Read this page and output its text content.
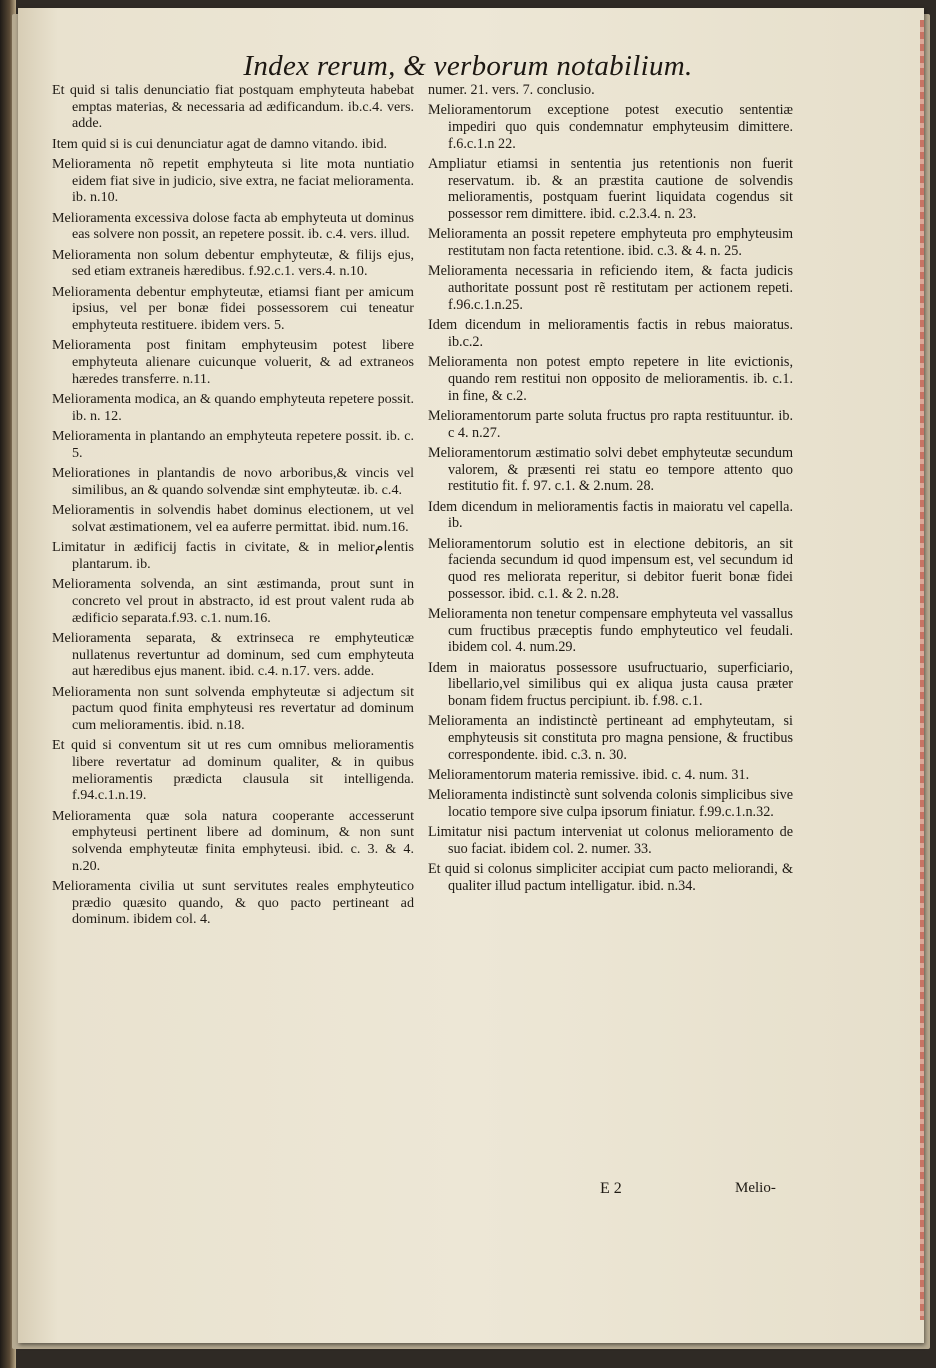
Index rerum, & verborum notabilium.

Et quid si talis denunciatio fiat postquam emphyteuta habebat emptas materias, & necessaria ad ædificandum. ib.c.4. vers. adde.

Item quid si is cui denunciatur agat de damno vitando. ibid.

Melioramenta nõ repetit emphyteuta si lite mota nuntiatio eidem fiat sive in judicio, sive extra, ne faciat melioramenta. ib. n.10.

Melioramenta excessiva dolose facta ab emphyteuta ut dominus eas solvere non possit, an repetere possit. ib. c.4. vers. illud.

Melioramenta non solum debentur emphyteutæ, & filijs ejus, sed etiam extraneis hæredibus. f.92.c.1. vers.4. n.10.

Melioramenta debentur emphyteutæ, etiamsi fiant per amicum ipsius, vel per bonæ fidei possessorem cui teneatur emphyteuta restituere. ibidem vers. 5.

Melioramenta post finitam emphyteusim potest libere emphyteuta alienare cuicunque voluerit, & ad extraneos hæredes transferre. n.11.

Melioramenta modica, an & quando emphyteuta repetere possit. ib. n. 12.

Melioramenta in plantando an emphyteuta repetere possit. ib. c. 5.

Meliorationes in plantandis de novo arboribus,& vincis vel similibus, an & quando solvendæ sint emphyteutæ. ib. c.4.

Melioramentis in solvendis habet dominus electionem, ut vel solvat æstimationem, vel ea auferre permittat. ibid. num.16.

Limitatur in ædificij factis in civitate, & in meliorامentis plantarum. ib.

Melioramenta solvenda, an sint æstimanda, prout sunt in concreto vel prout in abstracto, id est prout valent ruda ab ædificio separata.f.93. c.1. num.16.

Melioramenta separata, & extrinseca re emphyteuticæ nullatenus revertuntur ad dominum, sed cum emphyteuta aut hæredibus ejus manent. ibid. c.4. n.17. vers. adde.

Melioramenta non sunt solvenda emphyteutæ si adjectum sit pactum quod finita emphyteusi res revertatur ad dominum cum melioramentis. ibid. n.18.

Et quid si conventum sit ut res cum omnibus melioramentis libere revertatur ad dominum qualiter, & in quibus melioramentis prædicta clausula sit intelligenda. f.94.c.1.n.19.

Melioramenta quæ sola natura cooperante accesserunt emphyteusi pertinent libere ad dominum, & non sunt solvenda emphyteutæ finita emphyteusi. ibid. c. 3. & 4. n.20.

Melioramenta civilia ut sunt servitutes reales emphyteutico prædio quæsito quando, & quo pacto pertineant ad dominum. ibidem col. 4.

numer. 21. vers. 7. conclusio.

Melioramentorum exceptione potest executio sententiæ impediri quo quis condemnatur emphyteusim dimittere. f.6.c.1.n 22.

Ampliatur etiamsi in sententia jus retentionis non fuerit reservatum. ib. & an præstita cautione de solvendis melioramentis, postquam fuerint liquidata cogendus sit possessor rem dimittere. ibid. c.2.3.4. n. 23.

Melioramenta an possit repetere emphyteuta pro emphyteusim restitutam non facta retentione. ibid. c.3. & 4. n. 25.

Melioramenta necessaria in reficiendo item, & facta judicis authoritate possunt post rẽ restitutam per actionem repeti. f.96.c.1.n.25.

Idem dicendum in melioramentis factis in rebus maioratus. ib.c.2.

Melioramenta non potest empto repetere in lite evictionis, quando rem restitui non opposito de melioramentis. ib. c.1. in fine, & c.2.

Melioramentorum parte soluta fructus pro rapta restituuntur. ib. c 4. n.27.

Melioramentorum æstimatio solvi debet emphyteutæ secundum valorem, & præsenti rei statu eo tempore attento quo restitutio fit. f. 97. c.1. & 2.num. 28.

Idem dicendum in melioramentis factis in maioratu vel capella. ib.

Melioramentorum solutio est in electione debitoris, an sit facienda secundum id quod impensum est, vel secundum id quod res meliorata reperitur, si debitor fuerit bonæ fidei possessor. ibid. c.1. & 2. n.28.

Melioramenta non tenetur compensare emphyteuta vel vassallus cum fructibus præceptis fundo emphyteutico vel feudali. ibidem col. 4. num.29.

Idem in maioratus possessore usufructuario, superficiario, libellario,vel similibus qui ex aliqua justa causa præter bonam fidem fructus percipiunt. ib. f.98. c.1.

Melioramenta an indistinctè pertineant ad emphyteutam, si emphyteusis sit constituta pro magna pensione, & fructibus correspondente. ibid. c.3. n. 30.

Melioramentorum materia remissive. ibid. c. 4. num. 31.

Melioramenta indistinctè sunt solvenda colonis simplicibus sive locatio tempore sive culpa ipsorum finiatur. f.99.c.1.n.32.

Limitatur nisi pactum interveniat ut colonus melioramento de suo faciat. ibidem col. 2. numer. 33.

Et quid si colonus simpliciter accipiat cum pacto meliorandi, & qualiter illud pactum intelligatur. ibid. n.34.

E 2	Melio-
